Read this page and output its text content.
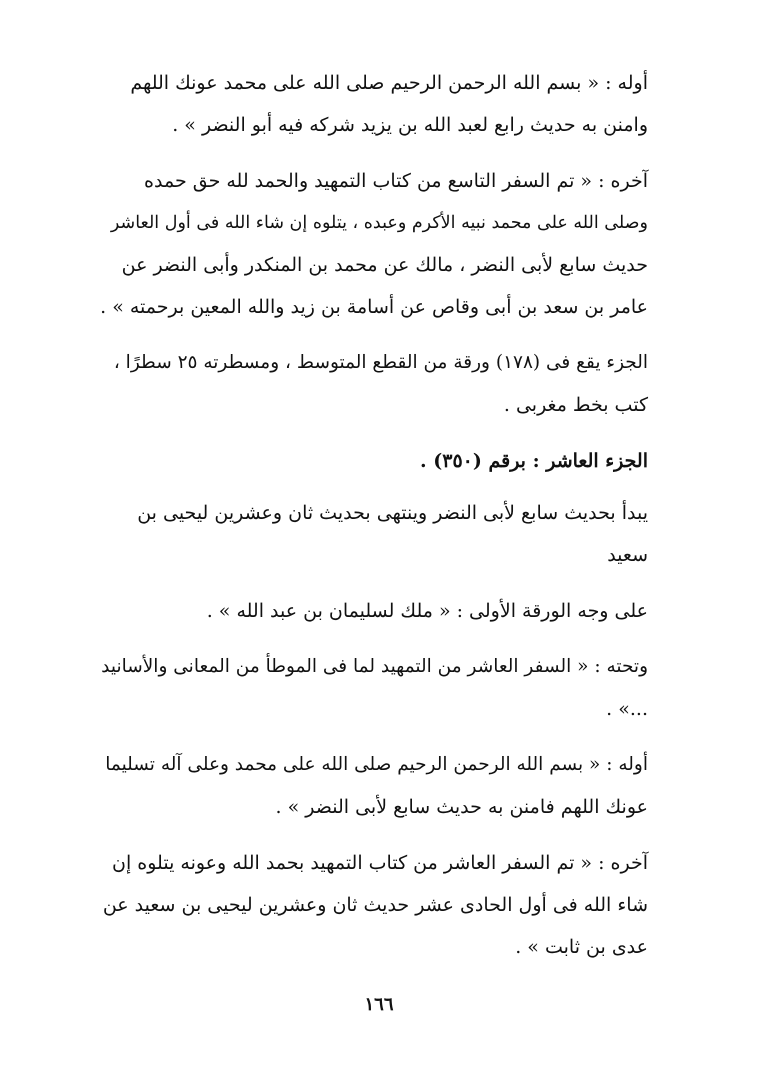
أوله : « بسم الله الرحمن الرحيم صلى الله على محمد عونك اللهم
وامنن به حديث رابع لعبد الله بن يزيد شركه فيه أبو النضر » .

آخره : « تم السفر التاسع من كتاب التمهيد والحمد لله حق حمده
وصلى الله على محمد نبيه الأكرم وعبده ، يتلوه إن شاء الله فى أول العاشر
حديث سابع لأبى النضر ، مالك عن محمد بن المنكدر وأبى النضر عن
عامر بن سعد بن أبى وقاص عن أسامة بن زيد والله المعين برحمته » .

الجزء يقع فى (١٧٨) ورقة من القطع المتوسط ، ومسطرته ٢٥ سطرًا ،
كتب بخط مغربى .

الجزء العاشر : برقم (٣٥٠) .

يبدأ بحديث سابع لأبى النضر وينتهى بحديث ثان وعشرين ليحيى بن
سعيد

على وجه الورقة الأولى : « ملك لسليمان بن عبد الله » .

وتحته : « السفر العاشر من التمهيد لما فى الموطأ من المعانى والأسانيد
...» .

أوله : « بسم الله الرحمن الرحيم صلى الله على محمد وعلى آله تسليما
عونك اللهم فامنن به حديث سابع لأبى النضر » .

آخره : « تم السفر العاشر من كتاب التمهيد بحمد الله وعونه يتلوه إن
شاء الله فى أول الحادى عشر حديث ثان وعشرين ليحيى بن سعيد عن
عدى بن ثابت » .

١٦٦
